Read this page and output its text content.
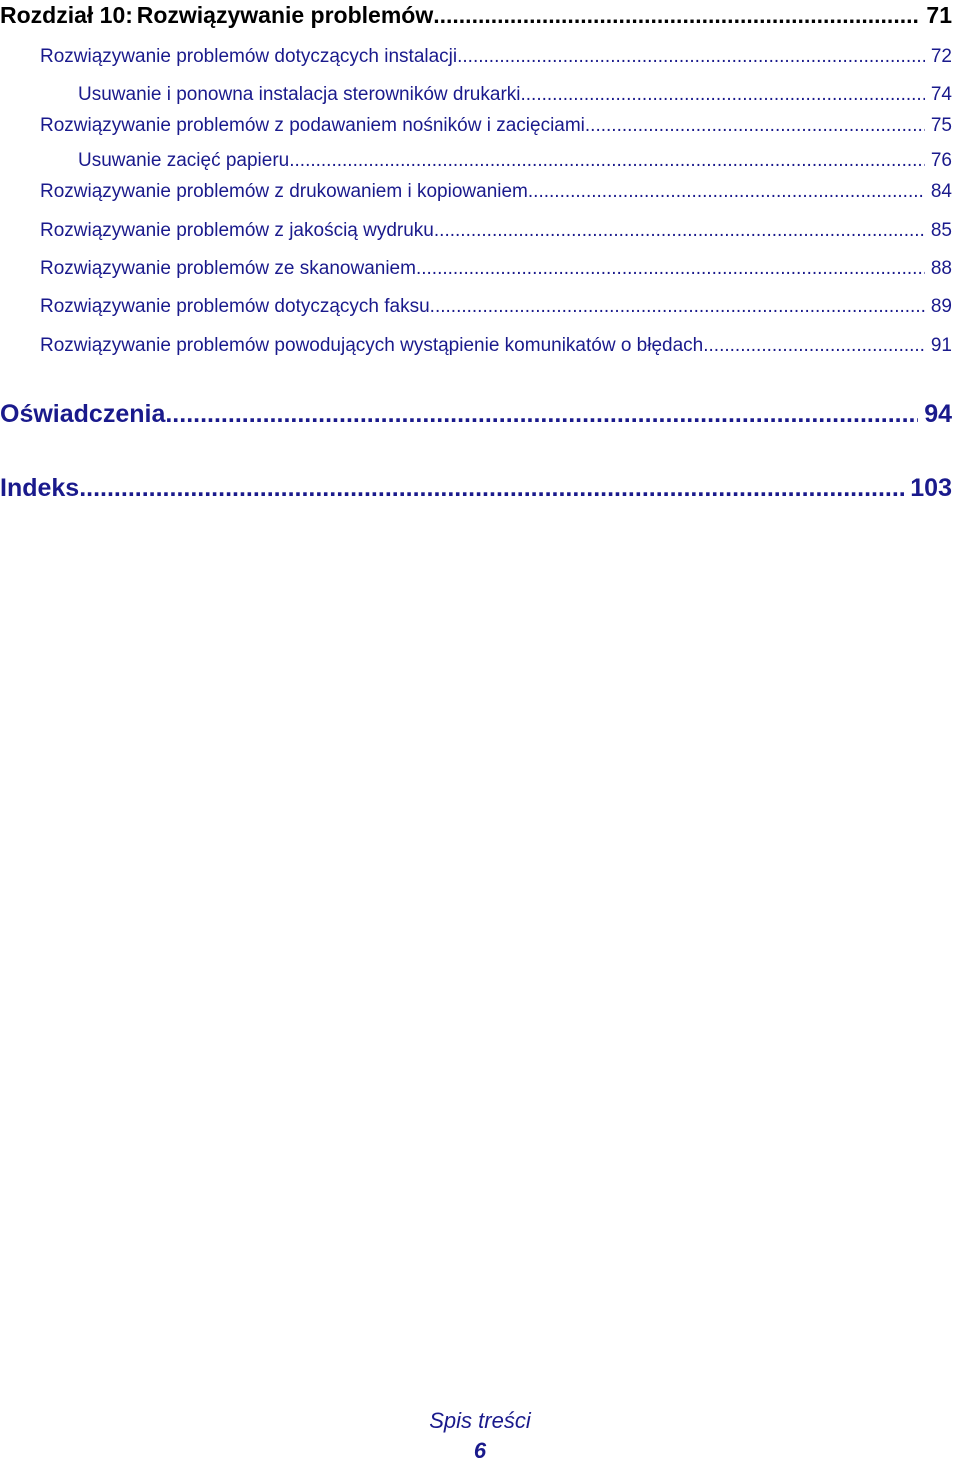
Rozdział 10: Rozwiązywanie problemów .....	71
Rozwiązywanie problemów dotyczących instalacji .....	72
Usuwanie i ponowna instalacja sterowników drukarki .....	74
Rozwiązywanie problemów z podawaniem nośników i zacięciami .....	75
Usuwanie zacięć papieru .....	76
Rozwiązywanie problemów z drukowaniem i kopiowaniem .....	84
Rozwiązywanie problemów z jakością wydruku .....	85
Rozwiązywanie problemów ze skanowaniem .....	88
Rozwiązywanie problemów dotyczących faksu .....	89
Rozwiązywanie problemów powodujących wystąpienie komunikatów o błędach .....	91
Oświadczenia .....	94
Indeks .....	103
Spis treści
6
